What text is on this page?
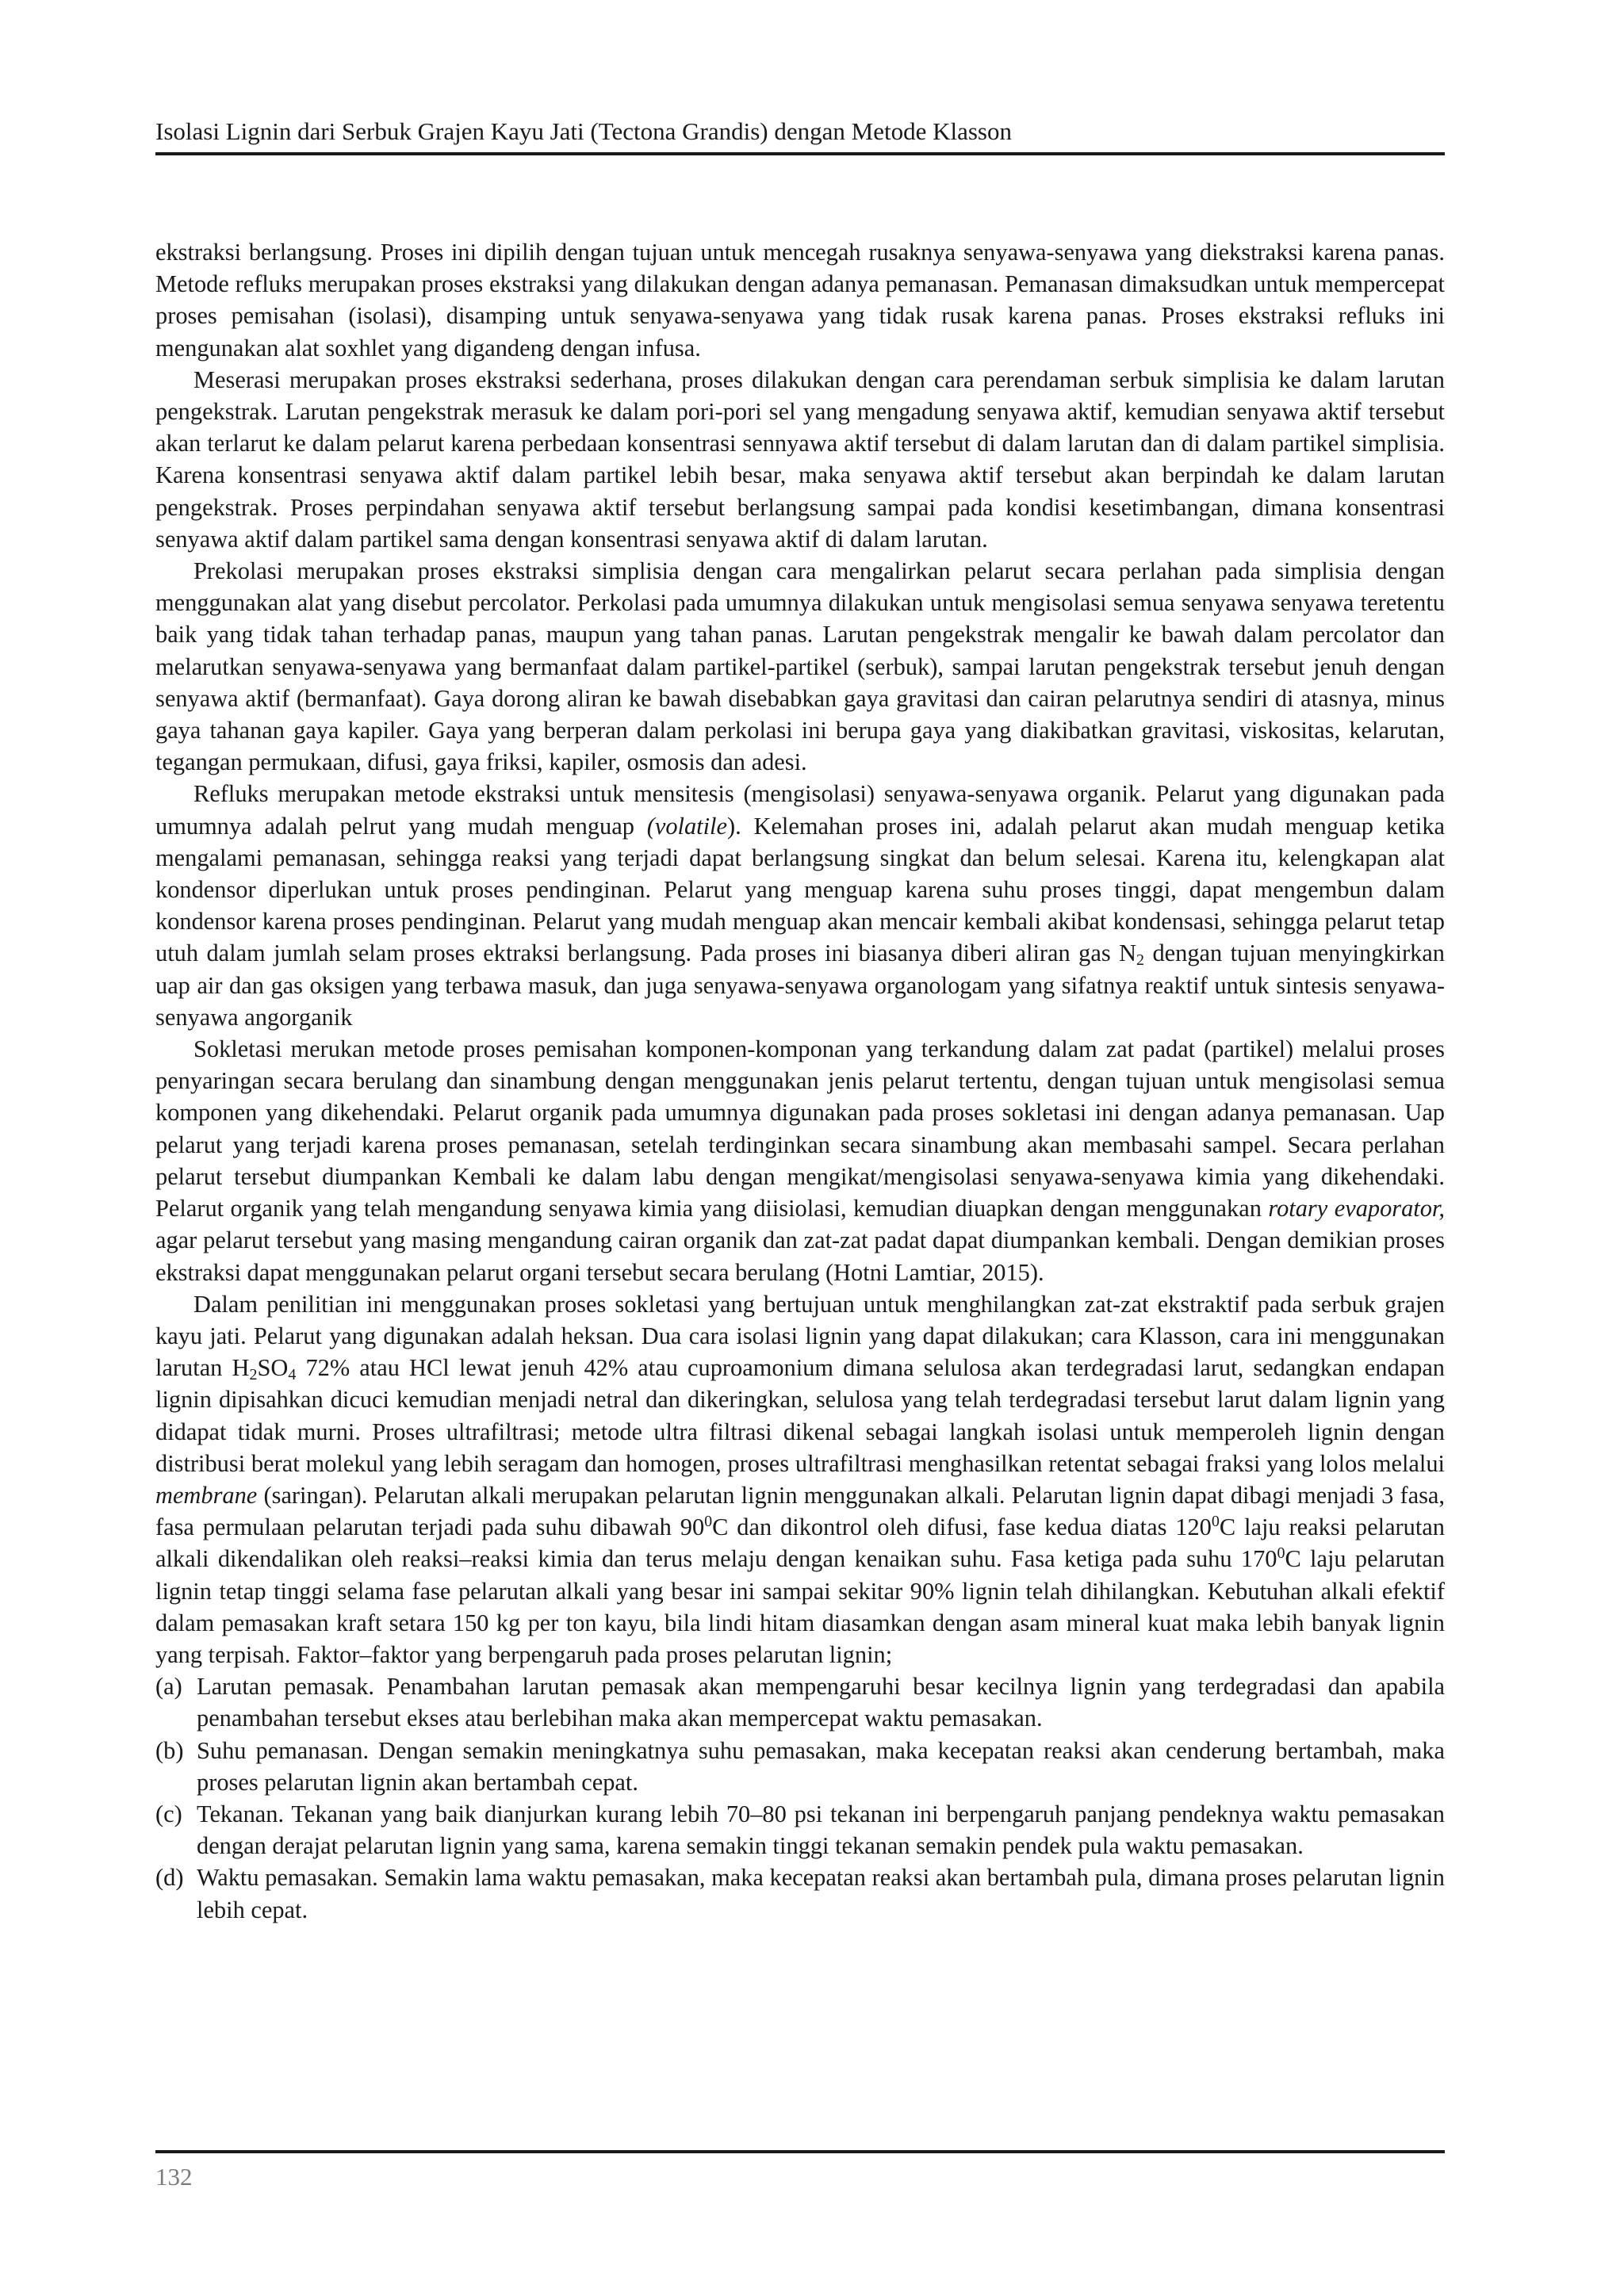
Isolasi Lignin dari Serbuk Grajen Kayu Jati (Tectona Grandis) dengan Metode Klasson

ekstraksi berlangsung. Proses ini dipilih dengan tujuan untuk mencegah rusaknya senyawa-senyawa yang diekstraksi karena panas. Metode refluks merupakan proses ekstraksi yang dilakukan dengan adanya pemanasan. Pemanasan dimaksudkan untuk mempercepat proses pemisahan (isolasi), disamping untuk senyawa-senyawa yang tidak rusak karena panas. Proses ekstraksi refluks ini mengunakan alat soxhlet yang digandeng dengan infusa.

Meserasi merupakan proses ekstraksi sederhana, proses dilakukan dengan cara perendaman serbuk simplisia ke dalam larutan pengekstrak. Larutan pengekstrak merasuk ke dalam pori-pori sel yang mengadung senyawa aktif, kemudian senyawa aktif tersebut akan terlarut ke dalam pelarut karena perbedaan konsentrasi sennyawa aktif tersebut di dalam larutan dan di dalam partikel simplisia. Karena konsentrasi senyawa aktif dalam partikel lebih besar, maka senyawa aktif tersebut akan berpindah ke dalam larutan pengekstrak. Proses perpindahan senyawa aktif tersebut berlangsung sampai pada kondisi kesetimbangan, dimana konsentrasi senyawa aktif dalam partikel sama dengan konsentrasi senyawa aktif di dalam larutan.

Prekolasi merupakan proses ekstraksi simplisia dengan cara mengalirkan pelarut secara perlahan pada simplisia dengan menggunakan alat yang disebut percolator. Perkolasi pada umumnya dilakukan untuk mengisolasi semua senyawa senyawa teretentu baik yang tidak tahan terhadap panas, maupun yang tahan panas. Larutan pengekstrak mengalir ke bawah dalam percolator dan melarutkan senyawa-senyawa yang bermanfaat dalam partikel-partikel (serbuk), sampai larutan pengekstrak tersebut jenuh dengan senyawa aktif (bermanfaat). Gaya dorong aliran ke bawah disebabkan gaya gravitasi dan cairan pelarutnya sendiri di atasnya, minus gaya tahanan gaya kapiler. Gaya yang berperan dalam perkolasi ini berupa gaya yang diakibatkan gravitasi, viskositas, kelarutan, tegangan permukaan, difusi, gaya friksi, kapiler, osmosis dan adesi.

Refluks merupakan metode ekstraksi untuk mensitesis (mengisolasi) senyawa-senyawa organik. Pelarut yang digunakan pada umumnya adalah pelrut yang mudah menguap (volatile). Kelemahan proses ini, adalah pelarut akan mudah menguap ketika mengalami pemanasan, sehingga reaksi yang terjadi dapat berlangsung singkat dan belum selesai. Karena itu, kelengkapan alat kondensor diperlukan untuk proses pendinginan. Pelarut yang menguap karena suhu proses tinggi, dapat mengembun dalam kondensor karena proses pendinginan. Pelarut yang mudah menguap akan mencair kembali akibat kondensasi, sehingga pelarut tetap utuh dalam jumlah selam proses ektraksi berlangsung. Pada proses ini biasanya diberi aliran gas $N_2$ dengan tujuan menyingkirkan uap air dan gas oksigen yang terbawa masuk, dan juga senyawa-senyawa organologam yang sifatnya reaktif untuk sintesis senyawa-senyawa angorganik

Sokletasi merukan metode proses pemisahan komponen-komponan yang terkandung dalam zat padat (partikel) melalui proses penyaringan secara berulang dan sinambung dengan menggunakan jenis pelarut tertentu, dengan tujuan untuk mengisolasi semua komponen yang dikehendaki. Pelarut organik pada umumnya digunakan pada proses sokletasi ini dengan adanya pemanasan. Uap pelarut yang terjadi karena proses pemanasan, setelah terdinginkan secara sinambung akan membasahi sampel. Secara perlahan pelarut tersebut diumpankan Kembali ke dalam labu dengan mengikat/mengisolasi senyawa-senyawa kimia yang dikehendaki. Pelarut organik yang telah mengandung senyawa kimia yang diisiolasi, kemudian diuapkan dengan menggunakan rotary evaporator, agar pelarut tersebut yang masing mengandung cairan organik dan zat-zat padat dapat diumpankan kembali. Dengan demikian proses ekstraksi dapat menggunakan pelarut organi tersebut secara berulang (Hotni Lamtiar, 2015).

Dalam penilitian ini menggunakan proses sokletasi yang bertujuan untuk menghilangkan zat-zat ekstraktif pada serbuk grajen kayu jati. Pelarut yang digunakan adalah heksan. Dua cara isolasi lignin yang dapat dilakukan; cara Klasson, cara ini menggunakan larutan $H_2SO_4$ 72% atau HCl lewat jenuh 42% atau cuproamonium dimana selulosa akan terdegradasi larut, sedangkan endapan lignin dipisahkan dicuci kemudian menjadi netral dan dikeringkan, selulosa yang telah terdegradasi tersebut larut dalam lignin yang didapat tidak murni. Proses ultrafiltrasi; metode ultra filtrasi dikenal sebagai langkah isolasi untuk memperoleh lignin dengan distribusi berat molekul yang lebih seragam dan homogen, proses ultrafiltrasi menghasilkan retentat sebagai fraksi yang lolos melalui membrane (saringan). Pelarutan alkali merupakan pelarutan lignin menggunakan alkali. Pelarutan lignin dapat dibagi menjadi 3 fasa, fasa permulaan pelarutan terjadi pada suhu dibawah $90^0C$ dan dikontrol oleh difusi, fase kedua diatas $120^0C$ laju reaksi pelarutan alkali dikendalikan oleh reaksi–reaksi kimia dan terus melaju dengan kenaikan suhu. Fasa ketiga pada suhu $170^0C$ laju pelarutan lignin tetap tinggi selama fase pelarutan alkali yang besar ini sampai sekitar 90% lignin telah dihilangkan. Kebutuhan alkali efektif dalam pemasakan kraft setara 150 kg per ton kayu, bila lindi hitam diasamkan dengan asam mineral kuat maka lebih banyak lignin yang terpisah. Faktor–faktor yang berpengaruh pada proses pelarutan lignin;

(a) Larutan pemasak. Penambahan larutan pemasak akan mempengaruhi besar kecilnya lignin yang terdegradasi dan apabila penambahan tersebut ekses atau berlebihan maka akan mempercepat waktu pemasakan.
(b) Suhu pemanasan. Dengan semakin meningkatnya suhu pemasakan, maka kecepatan reaksi akan cenderung bertambah, maka proses pelarutan lignin akan bertambah cepat.
(c) Tekanan. Tekanan yang baik dianjurkan kurang lebih 70–80 psi tekanan ini berpengaruh panjang pendeknya waktu pemasakan dengan derajat pelarutan lignin yang sama, karena semakin tinggi tekanan semakin pendek pula waktu pemasakan.
(d) Waktu pemasakan. Semakin lama waktu pemasakan, maka kecepatan reaksi akan bertambah pula, dimana proses pelarutan lignin lebih cepat.
132
